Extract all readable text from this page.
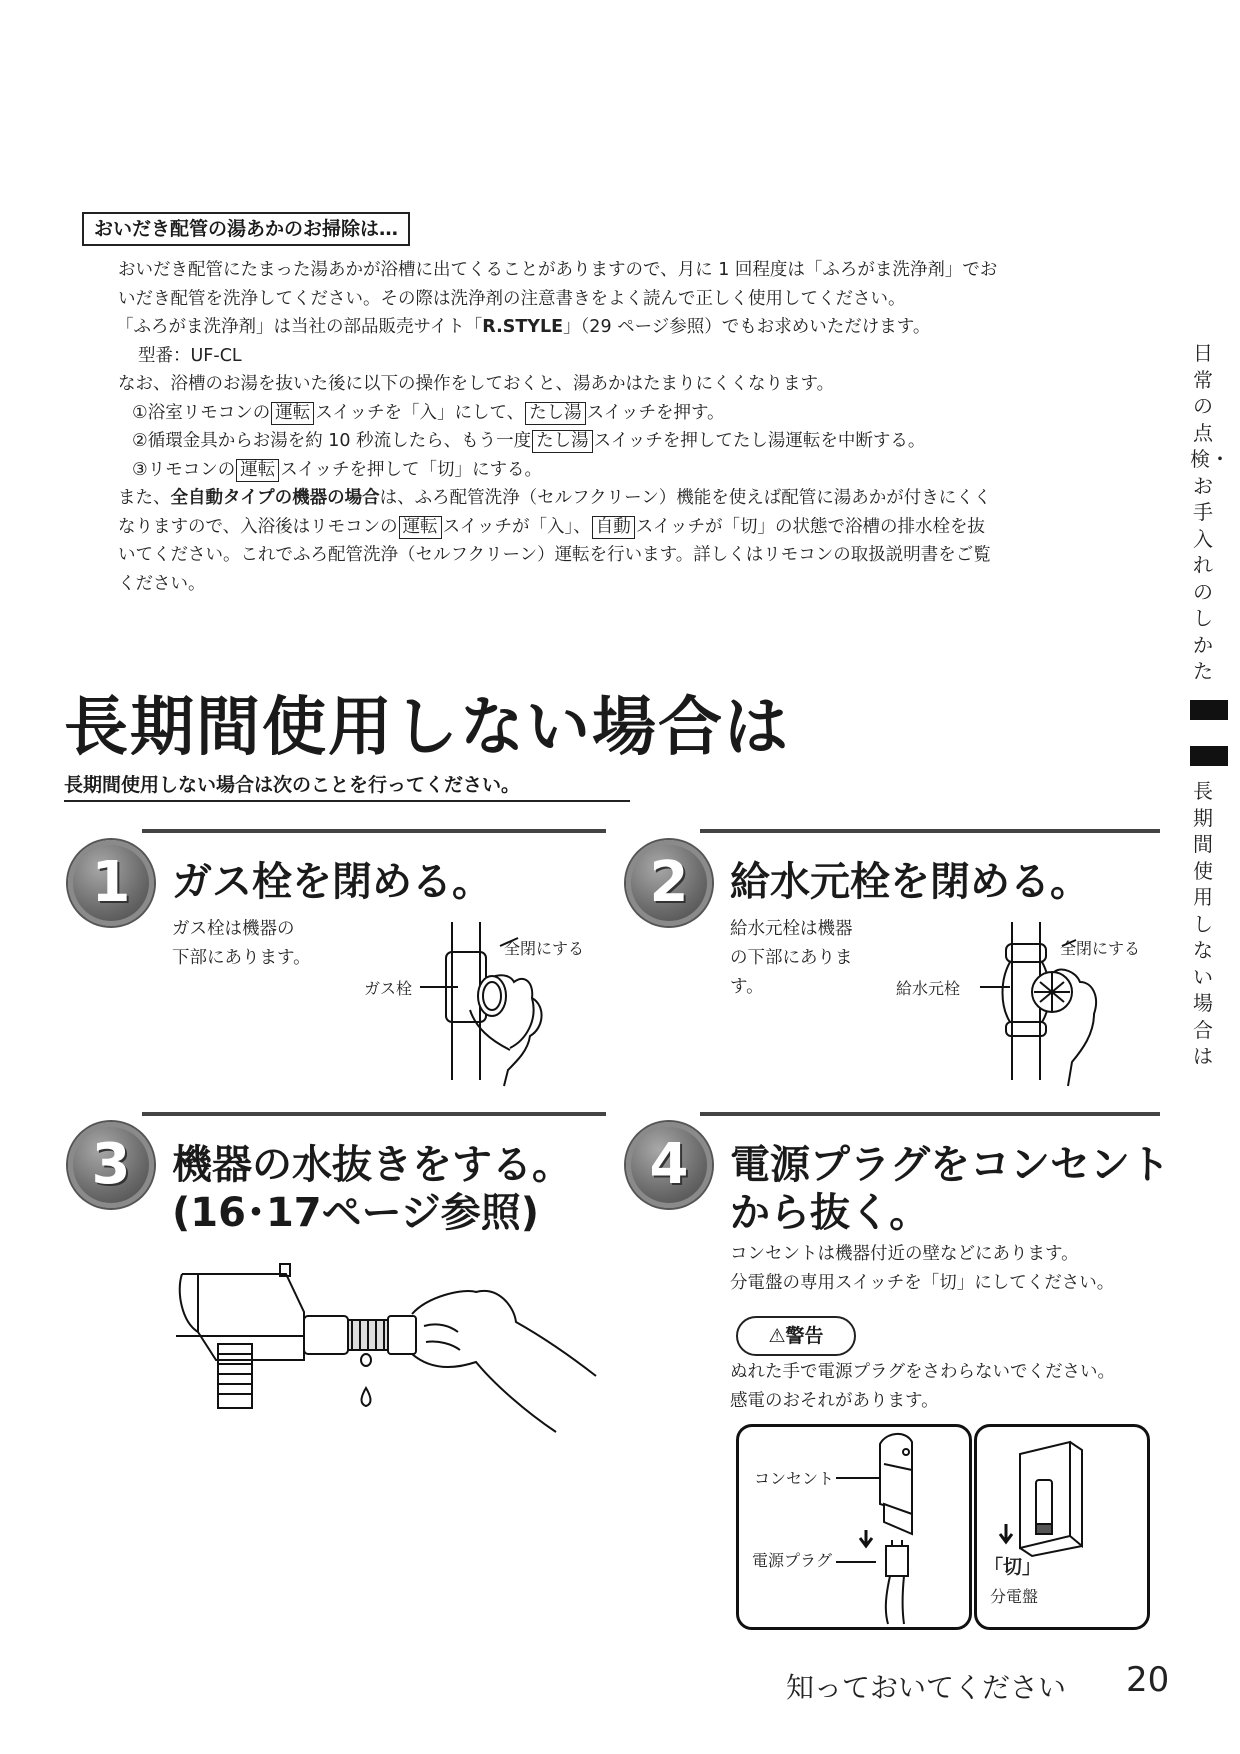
おいだき配管の湯あかのお掃除は…

おいだき配管にたまった湯あかが浴槽に出てくることがありますので、月に 1 回程度は「ふろがま洗浄剤」でお

いだき配管を洗浄してください。その際は洗浄剤の注意書きをよく読んで正しく使用してください。

「ふろがま洗浄剤」は当社の部品販売サイト「R.STYLE」（29 ページ参照）でもお求めいただけます。

型番：UF-CL

なお、浴槽のお湯を抜いた後に以下の操作をしておくと、湯あかはたまりにくくなります。

①浴室リモコンの 運転 スイッチを「入」にして、 たし湯 スイッチを押す。

②循環金具からお湯を約 10 秒流したら、もう一度 たし湯 スイッチを押してたし湯運転を中断する。

③リモコンの 運転 スイッチを押して「切」にする。

また、全自動タイプの機器の場合は、ふろ配管洗浄（セルフクリーン）機能を使えば配管に湯あかが付きにくく

なりますので、入浴後はリモコンの 運転 スイッチが「入」、 自動 スイッチが「切」の状態で浴槽の排水栓を抜

いてください。これでふろ配管洗浄（セルフクリーン）運転を行います。詳しくはリモコンの取扱説明書をご覧

ください。

日常の点検・お手入れのしかた
長期間使用しない場合は
長期間使用しない場合は
長期間使用しない場合は次のことを行ってください。
1	ガス栓を閉める。
ガス栓は機器の
下部にあります。	全閉にする
ガス栓
2	給水元栓を閉める。
給水元栓は機器
の下部にありま
す。
全閉にする
給水元栓
3	機器の水抜きをする。
(16･17ページ参照)
4	電源プラグをコンセント
から抜く。
コンセントは機器付近の壁などにあります。
分電盤の専用スイッチを「切」にしてください。
⚠警告
ぬれた手で電源プラグをさわらないでください。
感電のおそれがあります。
コンセント
電源プラグ	「切」
分電盤
知っておいてください 20
